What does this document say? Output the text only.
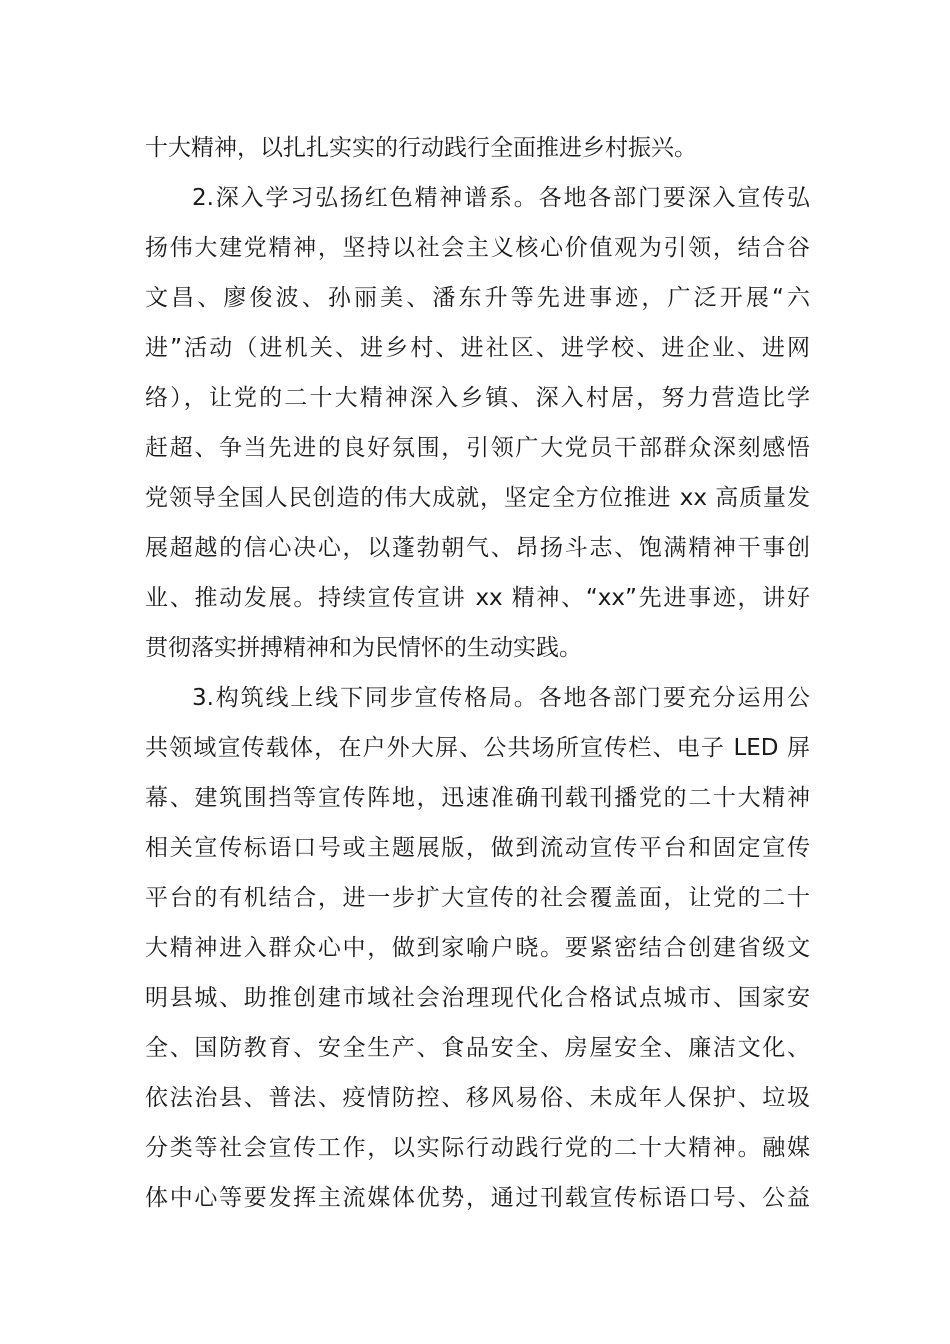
十大精神，以扎扎实实的行动践行全面推进乡村振兴。
2.深入学习弘扬红色精神谱系。各地各部门要深入宣传弘
扬伟大建党精神，坚持以社会主义核心价值观为引领，结合谷
文昌、廖俊波、孙丽美、潘东升等先进事迹，广泛开展“六
进”活动（进机关、进乡村、进社区、进学校、进企业、进网
络），让党的二十大精神深入乡镇、深入村居，努力营造比学
赶超、争当先进的良好氛围，引领广大党员干部群众深刻感悟
党领导全国人民创造的伟大成就，坚定全方位推进 xx 高质量发
展超越的信心决心，以蓬勃朝气、昂扬斗志、饱满精神干事创
业、推动发展。持续宣传宣讲 xx 精神、“xx”先进事迹，讲好
贯彻落实拼搏精神和为民情怀的生动实践。
3.构筑线上线下同步宣传格局。各地各部门要充分运用公
共领域宣传载体，在户外大屏、公共场所宣传栏、电子 LED 屏
幕、建筑围挡等宣传阵地，迅速准确刊载刊播党的二十大精神
相关宣传标语口号或主题展版，做到流动宣传平台和固定宣传
平台的有机结合，进一步扩大宣传的社会覆盖面，让党的二十
大精神进入群众心中，做到家喻户晓。要紧密结合创建省级文
明县城、助推创建市域社会治理现代化合格试点城市、国家安
全、国防教育、安全生产、食品安全、房屋安全、廉洁文化、
依法治县、普法、疫情防控、移风易俗、未成年人保护、垃圾
分类等社会宣传工作，以实际行动践行党的二十大精神。融媒
体中心等要发挥主流媒体优势，通过刊载宣传标语口号、公益
